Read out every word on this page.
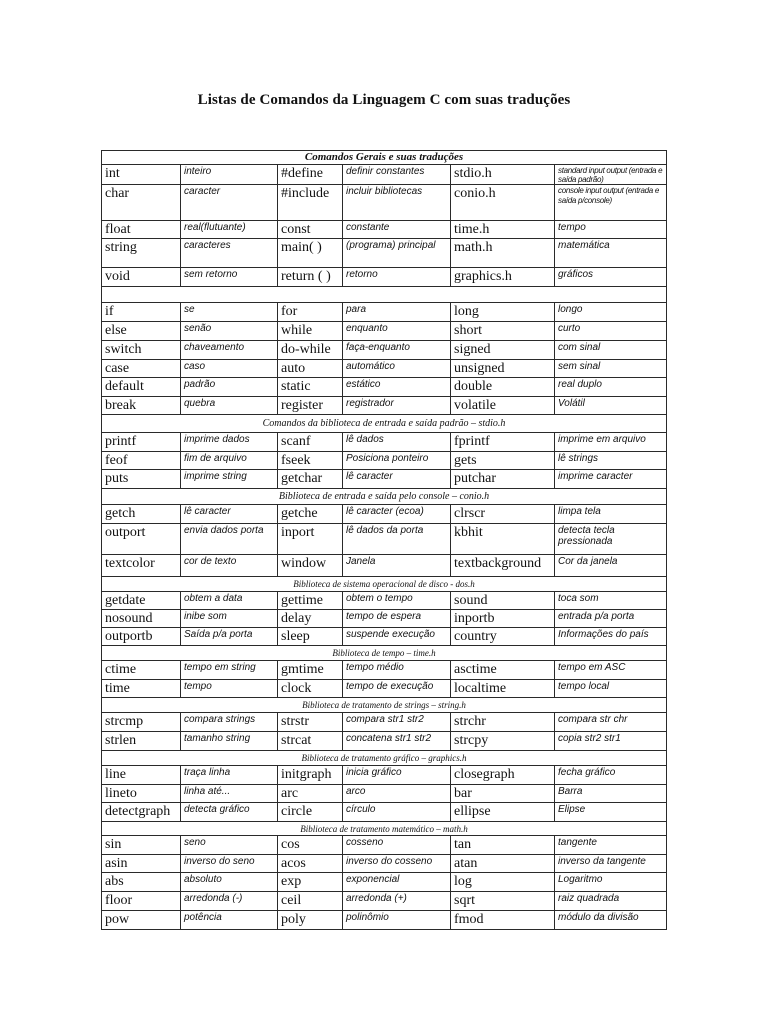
Listas de Comandos da Linguagem C com suas traduções
Comandos Gerais e suas traduções					
int	inteiro	#define	definir constantes	stdio.h	standard input output (entrada e saída padrão)
char	caracter	#include	incluir bibliotecas	conio.h	console input output (entrada e saída p/console)
float	real(flutuante)	const	constante	time.h	tempo
string	caracteres	main( )	(programa) principal	math.h	matemática
void	sem retorno	return ( )	retorno	graphics.h	gráficos

if	se	for	para	long	longo
else	senão	while	enquanto	short	curto
switch	chaveamento	do-while	faça-enquanto	signed	com sinal
case	caso	auto	automático	unsigned	sem sinal
default	padrão	static	estático	double	real duplo
break	quebra	register	registrador	volatile	Volátil
Comandos da biblioteca de entrada e saída padrão – stdio.h					
printf	imprime dados	scanf	lê dados	fprintf	imprime em arquivo
feof	fim de arquivo	fseek	Posiciona ponteiro	gets	lê strings
puts	imprime string	getchar	lê caracter	putchar	imprime caracter
Biblioteca de entrada e saída pelo console – conio.h					
getch	lê caracter	getche	lê caracter (ecoa)	clrscr	limpa tela
outport	envia dados porta	inport	lê dados da porta	kbhit	detecta tecla pressionada
textcolor	cor de texto	window	Janela	textbackground	Cor da janela
Biblioteca de sistema operacional de disco - dos.h					
getdate	obtem a data	gettime	obtem o tempo	sound	toca som
nosound	inibe som	delay	tempo de espera	inportb	entrada p/a porta
outportb	Saída p/a porta	sleep	suspende execução	country	Informações do país
Biblioteca de tempo – time.h					
ctime	tempo em string	gmtime	tempo médio	asctime	tempo em ASC
time	tempo	clock	tempo de execução	localtime	tempo local
Biblioteca de tratamento de strings – string.h					
strcmp	compara strings	strstr	compara str1 str2	strchr	compara str chr
strlen	tamanho string	strcat	concatena str1 str2	strcpy	copia str2 str1
Biblioteca de tratamento gráfico – graphics.h					
line	traça linha	initgraph	inicia gráfico	closegraph	fecha gráfico
lineto	linha até...	arc	arco	bar	Barra
detectgraph	detecta gráfico	circle	círculo	ellipse	Elipse
Biblioteca de tratamento matemático – math.h					
sin	seno	cos	cosseno	tan	tangente
asin	inverso do seno	acos	inverso do cosseno	atan	inverso da tangente
abs	absoluto	exp	exponencial	log	Logaritmo
floor	arredonda (-)	ceil	arredonda (+)	sqrt	raiz quadrada
pow	potência	poly	polinômio	fmod	módulo da divisão
